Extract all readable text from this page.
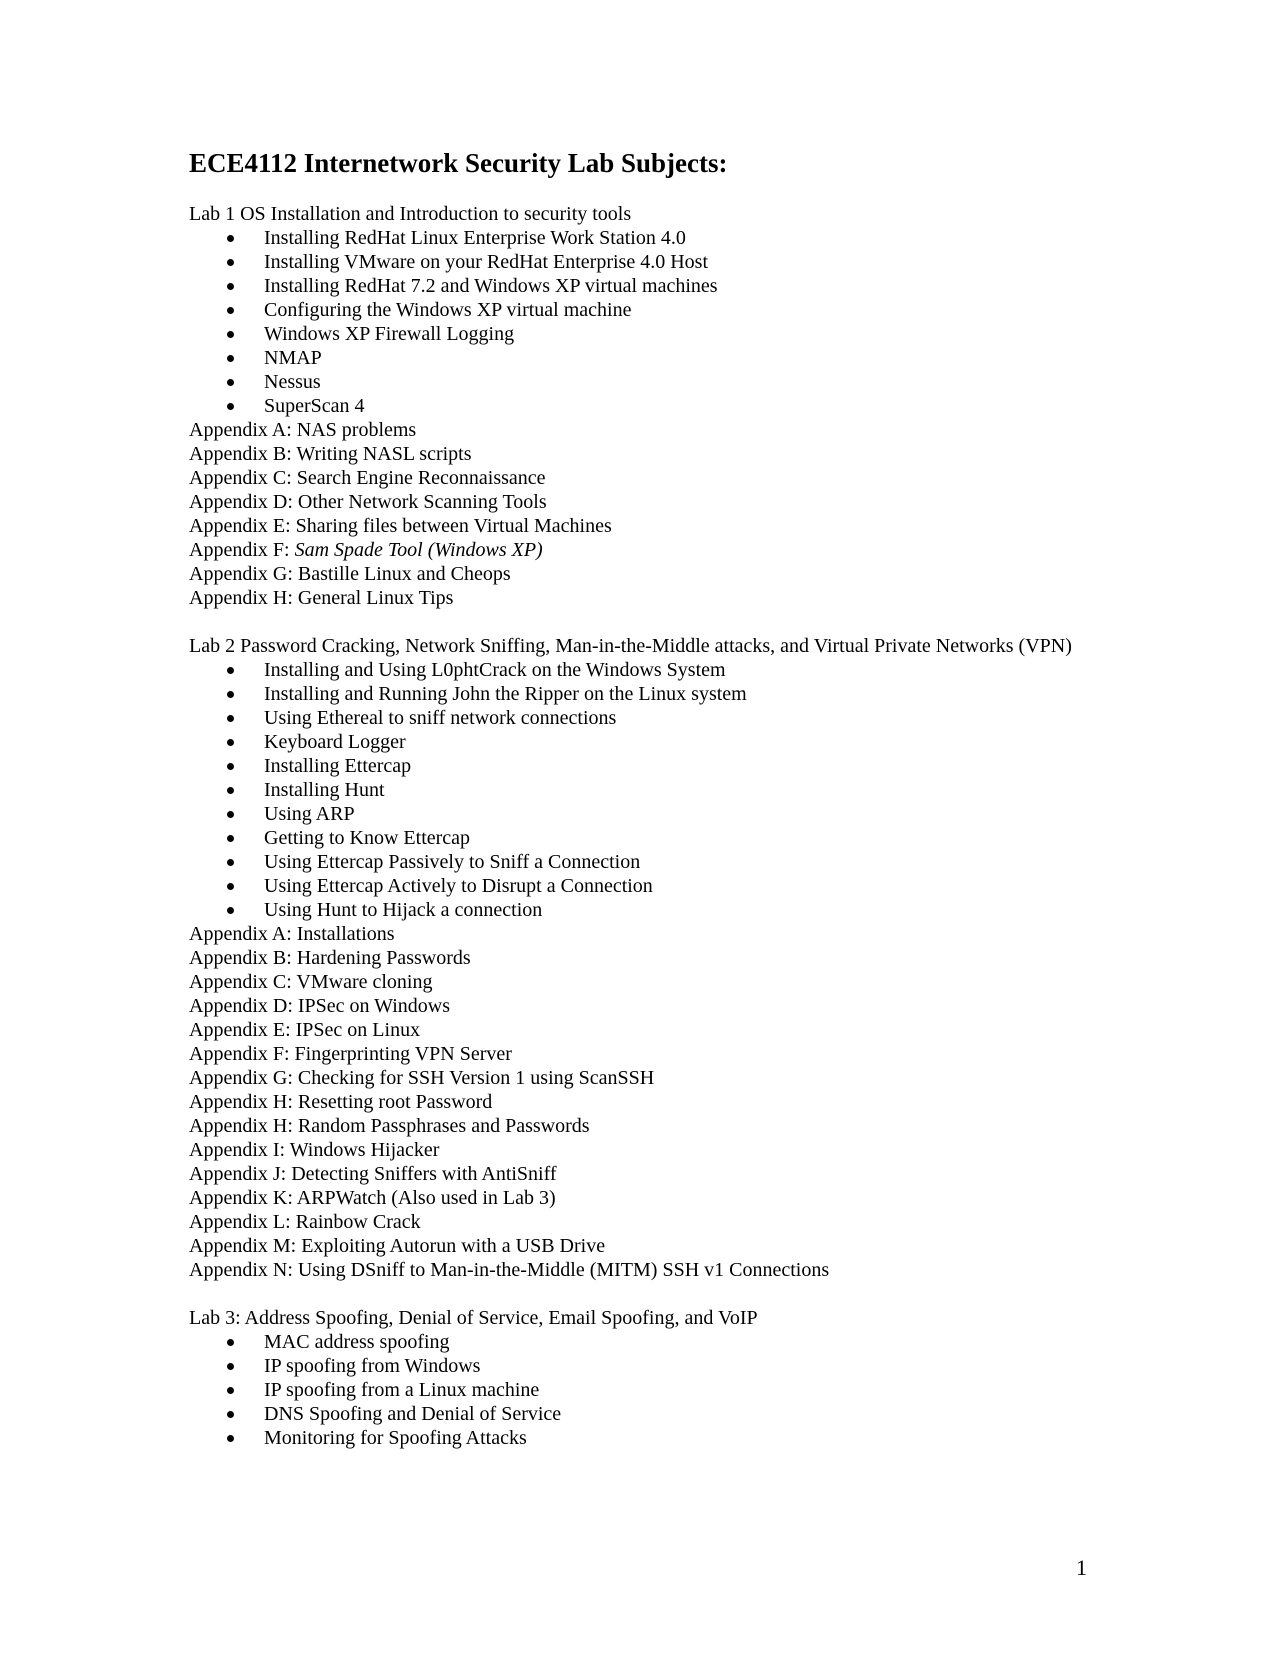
ECE4112 Internetwork Security Lab Subjects:
Lab 1 OS Installation and Introduction to security tools
Installing RedHat Linux Enterprise Work Station 4.0
Installing VMware on your RedHat Enterprise 4.0 Host
Installing RedHat 7.2 and Windows XP virtual machines
Configuring the Windows XP virtual machine
Windows XP Firewall Logging
NMAP
Nessus
SuperScan 4
Appendix A: NAS problems
Appendix B: Writing NASL scripts
Appendix C: Search Engine Reconnaissance
Appendix D: Other Network Scanning Tools
Appendix E: Sharing files between Virtual Machines
Appendix F: Sam Spade Tool (Windows XP)
Appendix G: Bastille Linux and Cheops
Appendix H: General Linux Tips
Lab 2 Password Cracking, Network Sniffing, Man-in-the-Middle attacks, and Virtual Private Networks (VPN)
Installing and Using L0phtCrack on the Windows System
Installing and Running John the Ripper on the Linux system
Using Ethereal to sniff network connections
Keyboard Logger
Installing Ettercap
Installing Hunt
Using ARP
Getting to Know Ettercap
Using Ettercap Passively to Sniff a Connection
Using Ettercap Actively to Disrupt a Connection
Using Hunt to Hijack a connection
Appendix A: Installations
Appendix B: Hardening Passwords
Appendix C: VMware cloning
Appendix D: IPSec on Windows
Appendix E: IPSec on Linux
Appendix F: Fingerprinting VPN Server
Appendix G: Checking for SSH Version 1 using ScanSSH
Appendix H: Resetting root Password
Appendix H: Random Passphrases and Passwords
Appendix I: Windows Hijacker
Appendix J: Detecting Sniffers with AntiSniff
Appendix K: ARPWatch (Also used in Lab 3)
Appendix L: Rainbow Crack
Appendix M: Exploiting Autorun with a USB Drive
Appendix N: Using DSniff to Man-in-the-Middle (MITM) SSH v1 Connections
Lab 3: Address Spoofing, Denial of Service, Email Spoofing, and VoIP
MAC address spoofing
IP spoofing from Windows
IP spoofing from a Linux machine
DNS Spoofing and Denial of Service
Monitoring for Spoofing Attacks
1
